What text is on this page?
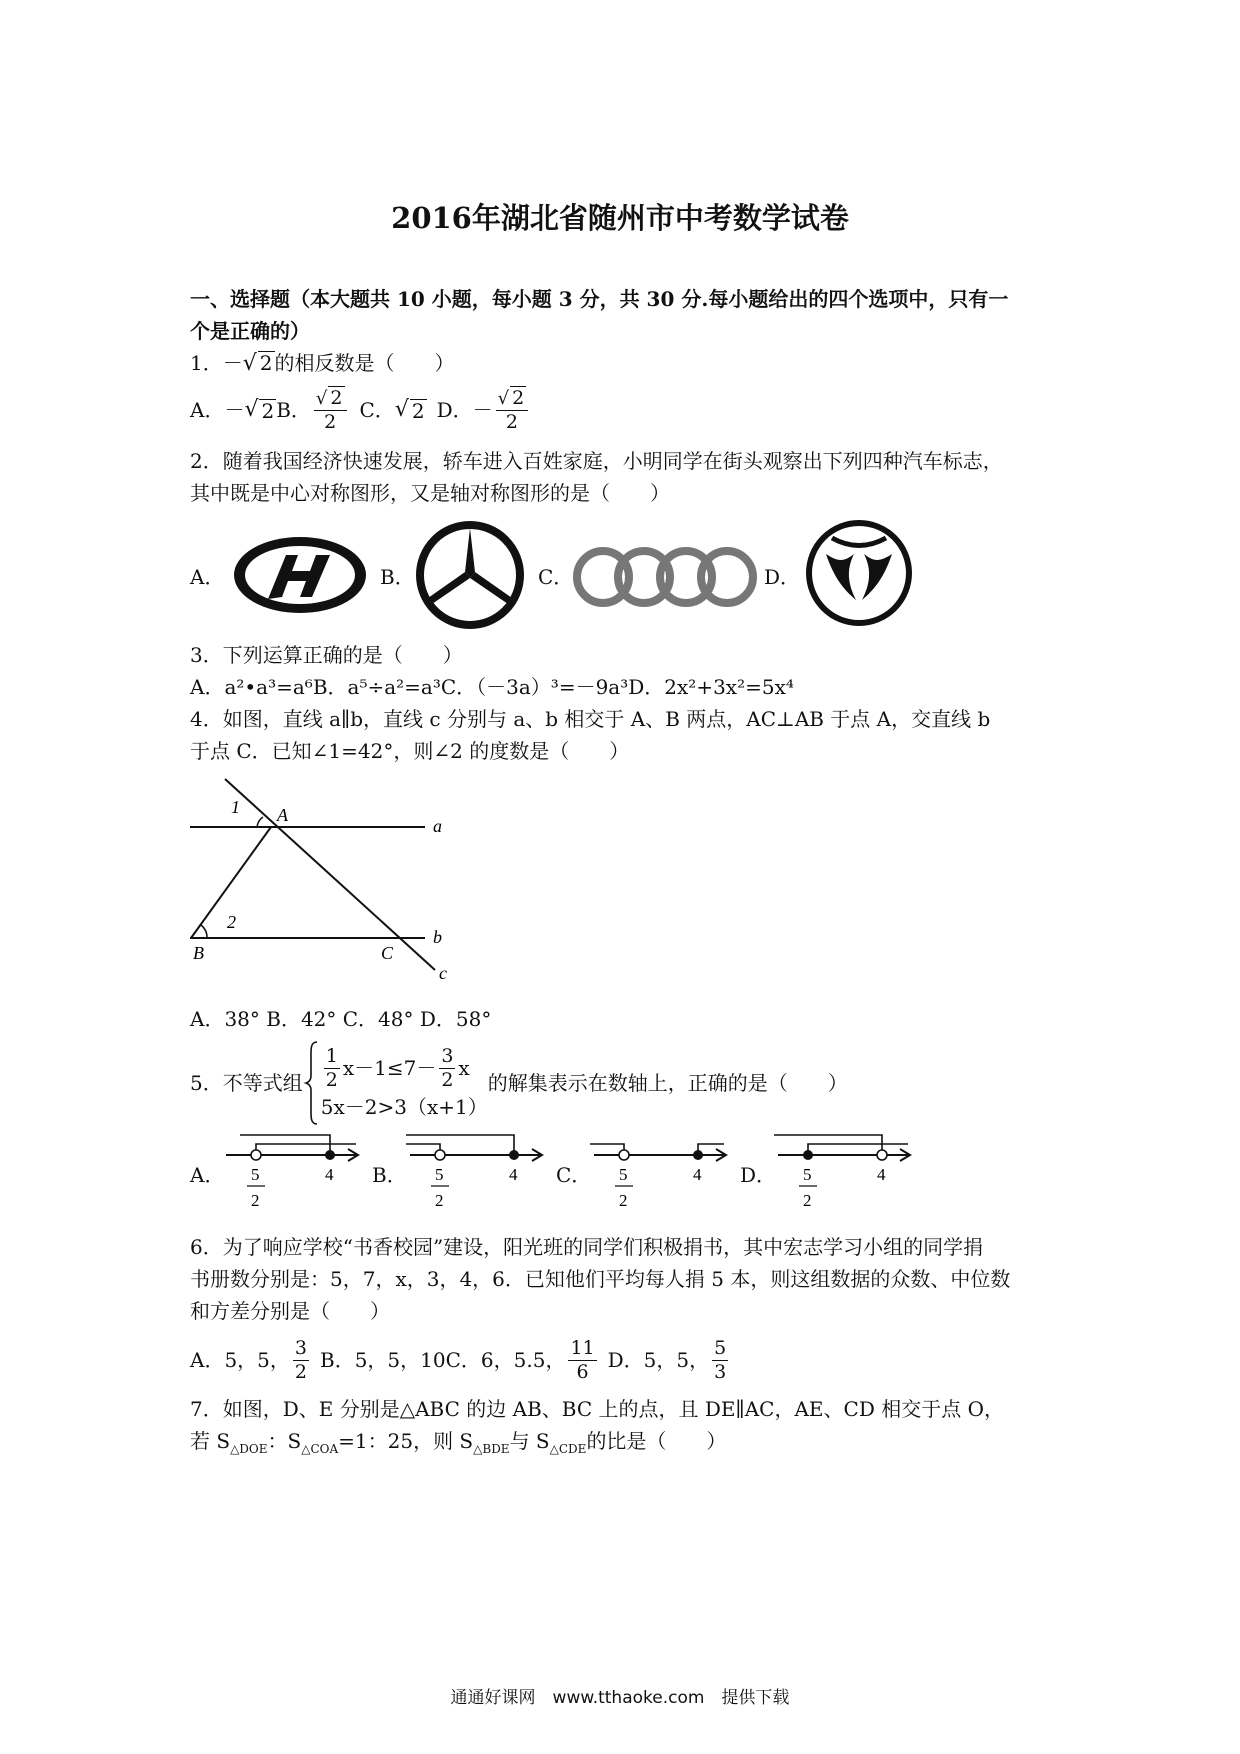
2016年湖北省随州市中考数学试卷
一、选择题（本大题共 10 小题，每小题 3 分，共 30 分.每小题给出的四个选项中，只有一
个是正确的）
1．－√ 2 的相反数是（　　）
A．－ √ 2 B． $\frac{√ 2}{2}$ C． √ 2 D．－ $\frac{√ 2}{2}$
2．随着我国经济快速发展，轿车进入百姓家庭，小明同学在街头观察出下列四种汽车标志，
其中既是中心对称图形，又是轴对称图形的是（　　）
A．	B．	C．	D．
3．下列运算正确的是（　　）
A．a²•a³=a⁶B．a⁵÷a²=a³C．（－3a）³=－9a³D．2x²+3x²=5x⁴
4．如图，直线 a∥b，直线 c 分别与 a、b 相交于 A、B 两点，AC⊥AB 于点 A，交直线 b
于点 C．已知∠1=42°，则∠2 的度数是（　　）
1 A
a
2
B	C
b
c
A．38° B．42° C．48° D．58°
5．不等式组 $\frac{1}{2} x-1\le 7- \frac{3}{2}$ x
5x－2>3（x+1）
的解集表示在数轴上，正确的是（　　）
A．	4
5
2
B．	4
5
2
C．	4
5
2
D．	4
5
2
6．为了响应学校“书香校园”建设，阳光班的同学们积极捐书，其中宏志学习小组的同学捐
书册数分别是：5，7，x，3，4，6．已知他们平均每人捐 5 本，则这组数据的众数、中位数
和方差分别是（　　）
A．5，5， $\frac{3}{2}$ B．5，5，10 C．6，5.5， $\frac{11}{6}$ D．5，5， $\frac{5}{3}$
7．如图，D、E 分别是△ABC 的边 AB、BC 上的点，且 DE∥AC，AE、CD 相交于点 O，
若 $S_{\triangle DOE}$：$S_{\triangle COA}=1$：25，则 $S_{\triangle BDE}$与 $S_{\triangle CDE}$的比是（　　）
通通好课网　www.tthaoke.com　提供下载
